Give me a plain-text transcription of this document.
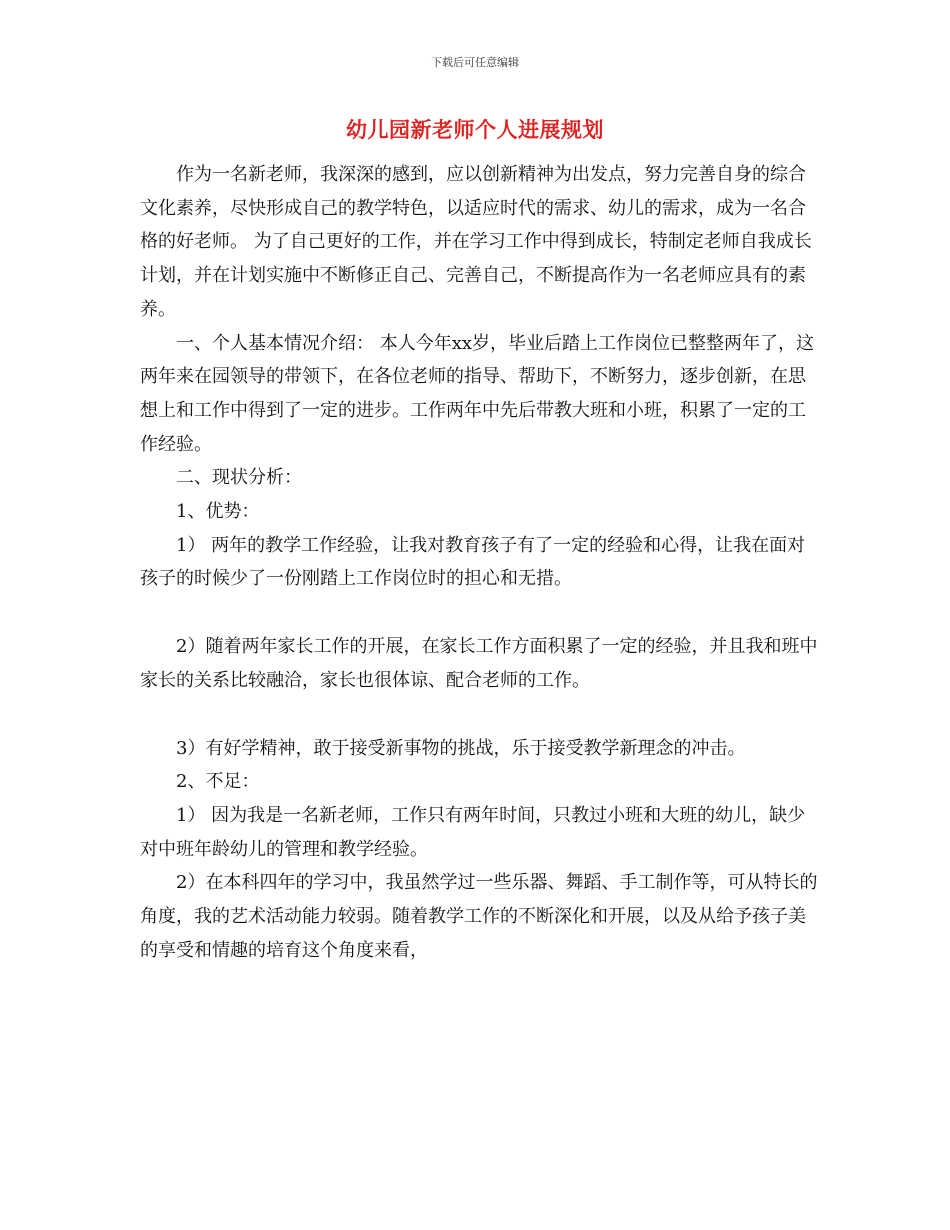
下载后可任意编辑
幼儿园新老师个人进展规划

作为一名新老师，我深深的感到，应以创新精神为出发点，努力完善自身的综合文化素养，尽快形成自己的教学特色，以适应时代的需求、幼儿的需求，成为一名合格的好老师。 为了自己更好的工作，并在学习工作中得到成长，特制定老师自我成长计划，并在计划实施中不断修正自己、完善自己，不断提高作为一名老师应具有的素养。

一、个人基本情况介绍： 本人今年xx岁，毕业后踏上工作岗位已整整两年了，这两年来在园领导的带领下，在各位老师的指导、帮助下，不断努力，逐步创新，在思想上和工作中得到了一定的进步。工作两年中先后带教大班和小班，积累了一定的工作经验。

二、现状分析：

1、优势：

1） 两年的教学工作经验，让我对教育孩子有了一定的经验和心得，让我在面对孩子的时候少了一份刚踏上工作岗位时的担心和无措。

2）随着两年家长工作的开展，在家长工作方面积累了一定的经验，并且我和班中家长的关系比较融洽，家长也很体谅、配合老师的工作。

3）有好学精神，敢于接受新事物的挑战，乐于接受教学新理念的冲击。

2、不足：

1） 因为我是一名新老师，工作只有两年时间，只教过小班和大班的幼儿，缺少对中班年龄幼儿的管理和教学经验。

2）在本科四年的学习中，我虽然学过一些乐器、舞蹈、手工制作等，可从特长的角度，我的艺术活动能力较弱。随着教学工作的不断深化和开展，以及从给予孩子美的享受和情趣的培育这个角度来看，
